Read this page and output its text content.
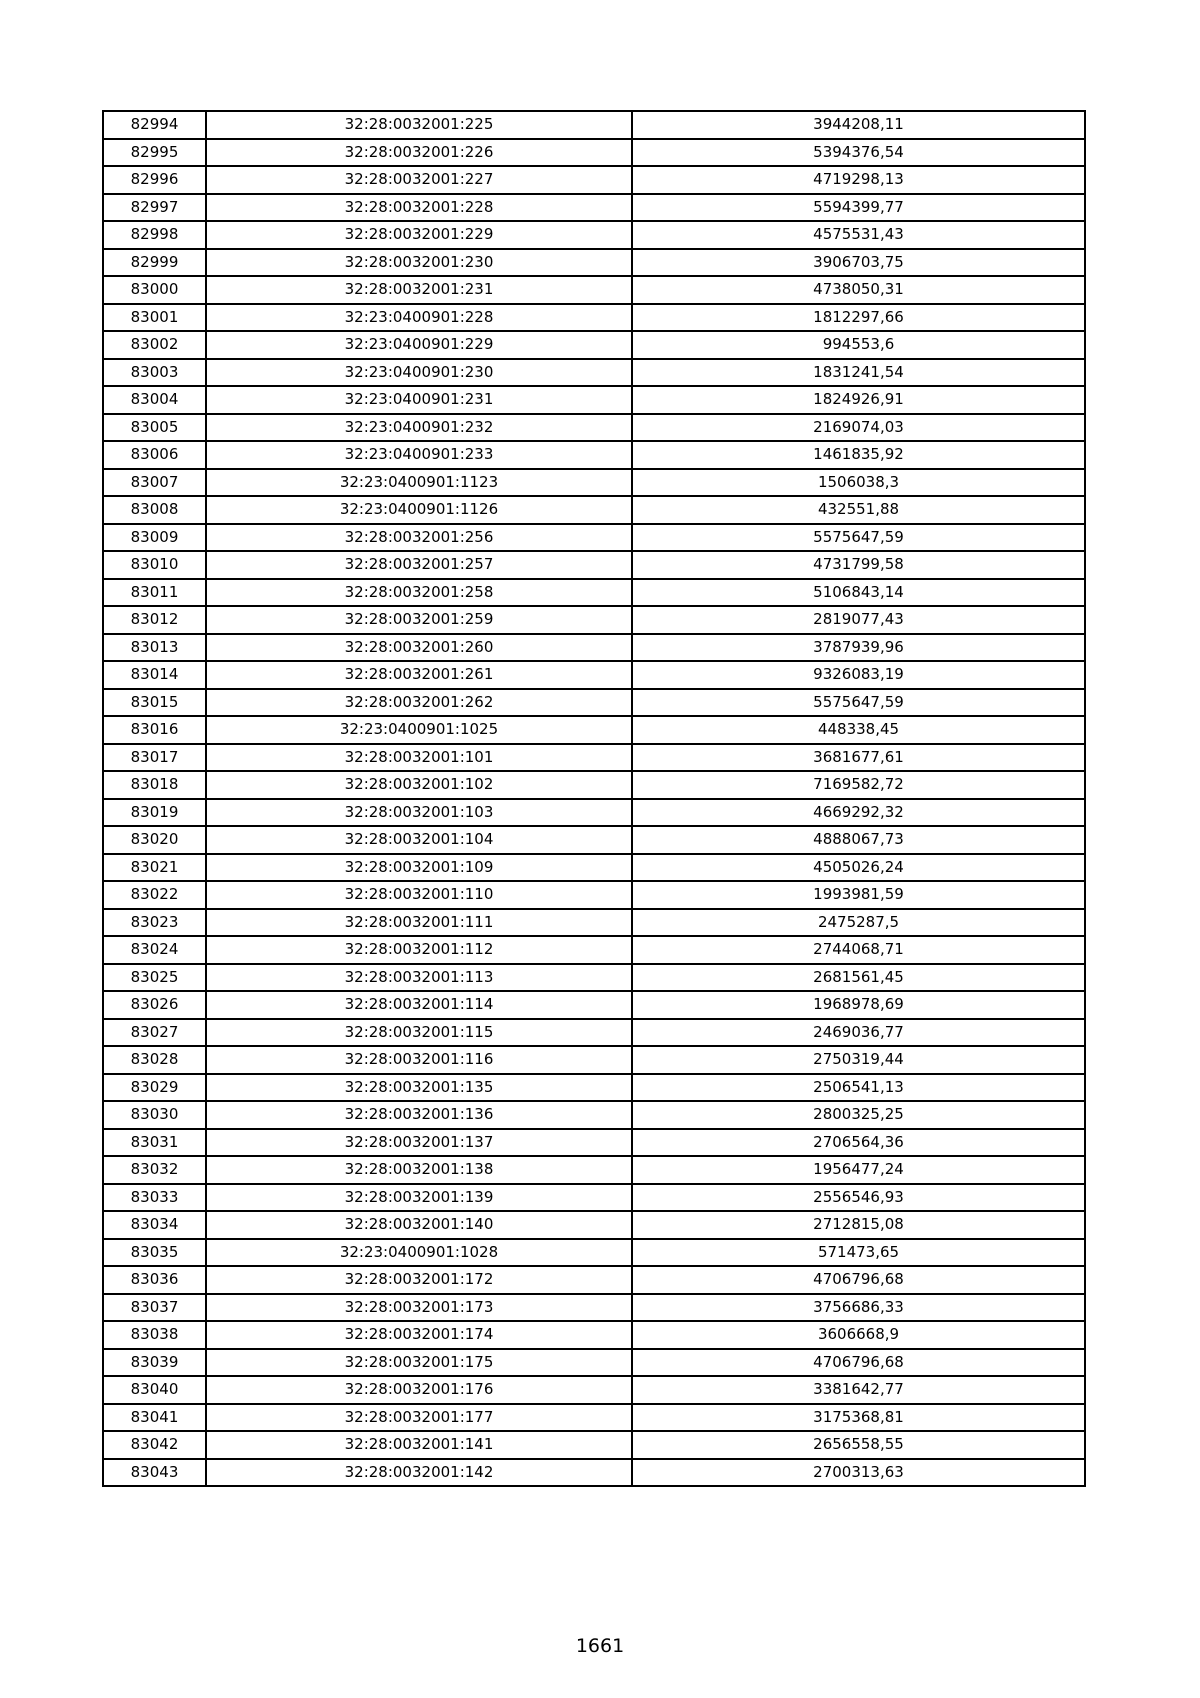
82994	32:28:0032001:225	3944208,11
82995	32:28:0032001:226	5394376,54
82996	32:28:0032001:227	4719298,13
82997	32:28:0032001:228	5594399,77
82998	32:28:0032001:229	4575531,43
82999	32:28:0032001:230	3906703,75
83000	32:28:0032001:231	4738050,31
83001	32:23:0400901:228	1812297,66
83002	32:23:0400901:229	994553,6
83003	32:23:0400901:230	1831241,54
83004	32:23:0400901:231	1824926,91
83005	32:23:0400901:232	2169074,03
83006	32:23:0400901:233	1461835,92
83007	32:23:0400901:1123	1506038,3
83008	32:23:0400901:1126	432551,88
83009	32:28:0032001:256	5575647,59
83010	32:28:0032001:257	4731799,58
83011	32:28:0032001:258	5106843,14
83012	32:28:0032001:259	2819077,43
83013	32:28:0032001:260	3787939,96
83014	32:28:0032001:261	9326083,19
83015	32:28:0032001:262	5575647,59
83016	32:23:0400901:1025	448338,45
83017	32:28:0032001:101	3681677,61
83018	32:28:0032001:102	7169582,72
83019	32:28:0032001:103	4669292,32
83020	32:28:0032001:104	4888067,73
83021	32:28:0032001:109	4505026,24
83022	32:28:0032001:110	1993981,59
83023	32:28:0032001:111	2475287,5
83024	32:28:0032001:112	2744068,71
83025	32:28:0032001:113	2681561,45
83026	32:28:0032001:114	1968978,69
83027	32:28:0032001:115	2469036,77
83028	32:28:0032001:116	2750319,44
83029	32:28:0032001:135	2506541,13
83030	32:28:0032001:136	2800325,25
83031	32:28:0032001:137	2706564,36
83032	32:28:0032001:138	1956477,24
83033	32:28:0032001:139	2556546,93
83034	32:28:0032001:140	2712815,08
83035	32:23:0400901:1028	571473,65
83036	32:28:0032001:172	4706796,68
83037	32:28:0032001:173	3756686,33
83038	32:28:0032001:174	3606668,9
83039	32:28:0032001:175	4706796,68
83040	32:28:0032001:176	3381642,77
83041	32:28:0032001:177	3175368,81
83042	32:28:0032001:141	2656558,55
83043	32:28:0032001:142	2700313,63
1661
